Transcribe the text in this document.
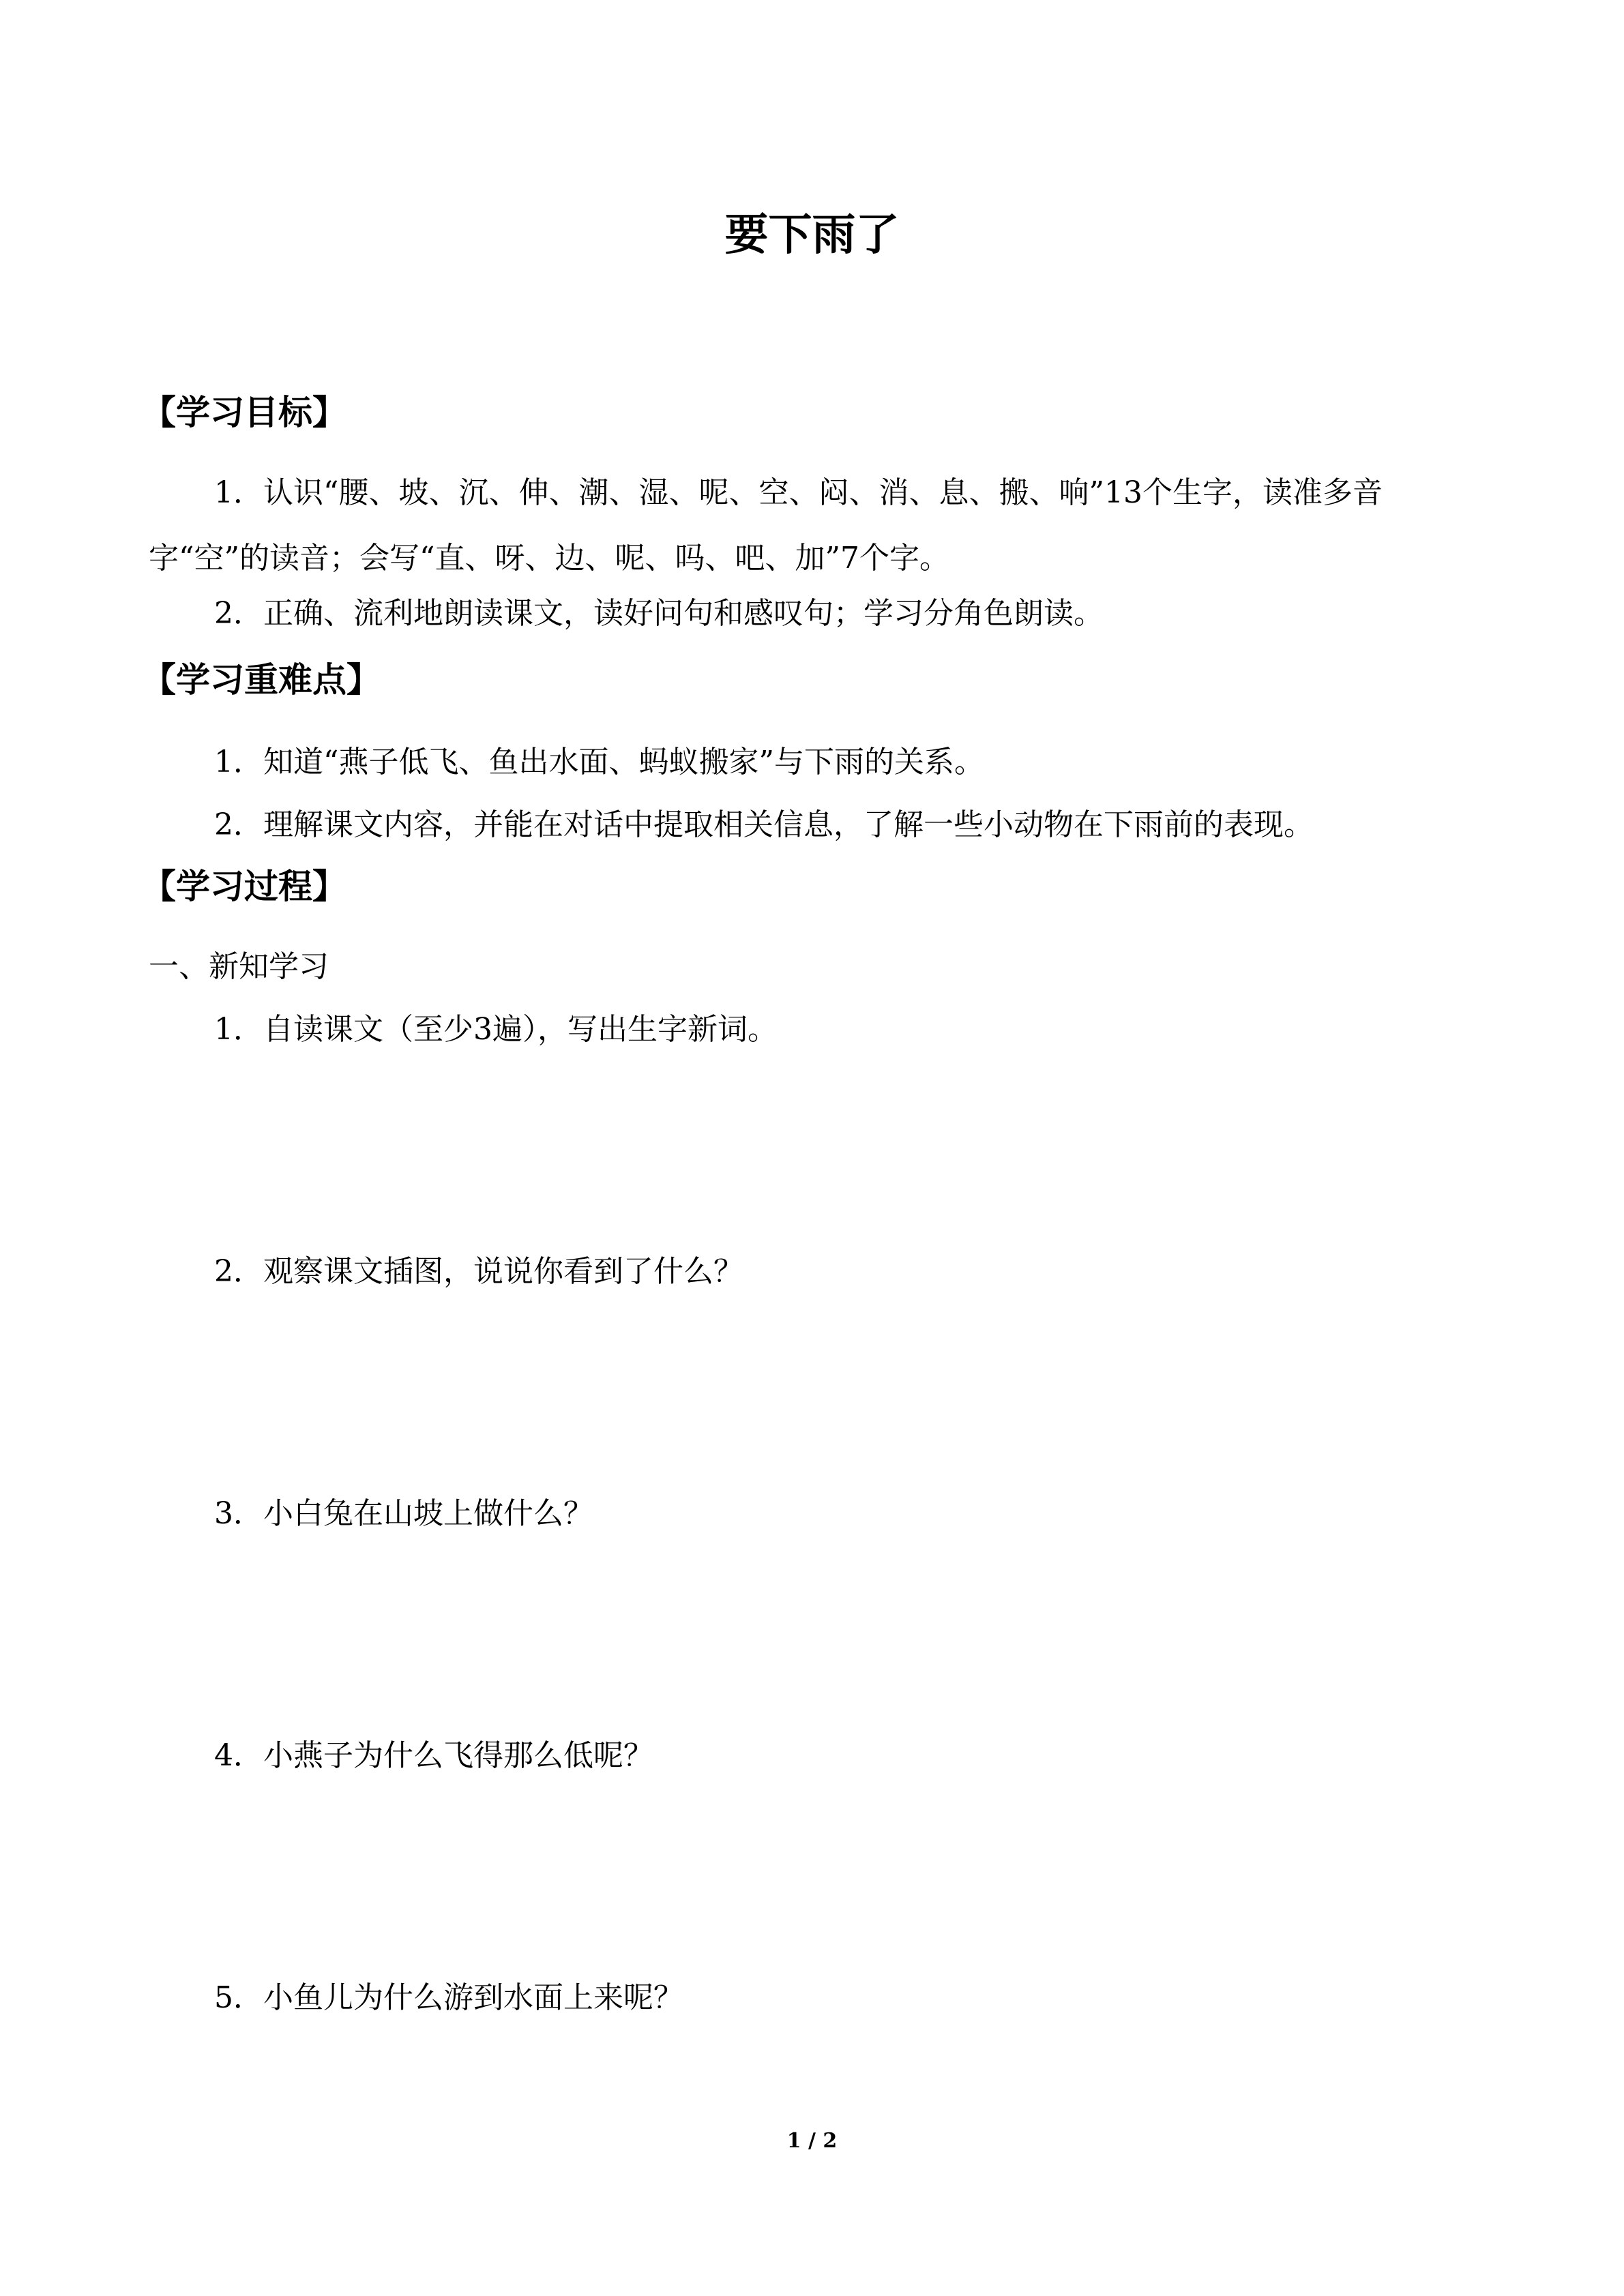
要下雨了
【学习目标】

1．认识“腰、坡、沉、伸、潮、湿、呢、空、闷、消、息、搬、响”13个生字，读准多音字“空”的读音；会写“直、呀、边、呢、吗、吧、加”7个字。

2．正确、流利地朗读课文，读好问句和感叹句；学习分角色朗读。

【学习重难点】

1．知道“燕子低飞、鱼出水面、蚂蚁搬家”与下雨的关系。

2．理解课文内容，并能在对话中提取相关信息，了解一些小动物在下雨前的表现。

【学习过程】

一、新知学习

1．自读课文（至少3遍），写出生字新词。

2．观察课文插图，说说你看到了什么？

3．小白兔在山坡上做什么？

4．小燕子为什么飞得那么低呢？

5．小鱼儿为什么游到水面上来呢？

1 / 2
